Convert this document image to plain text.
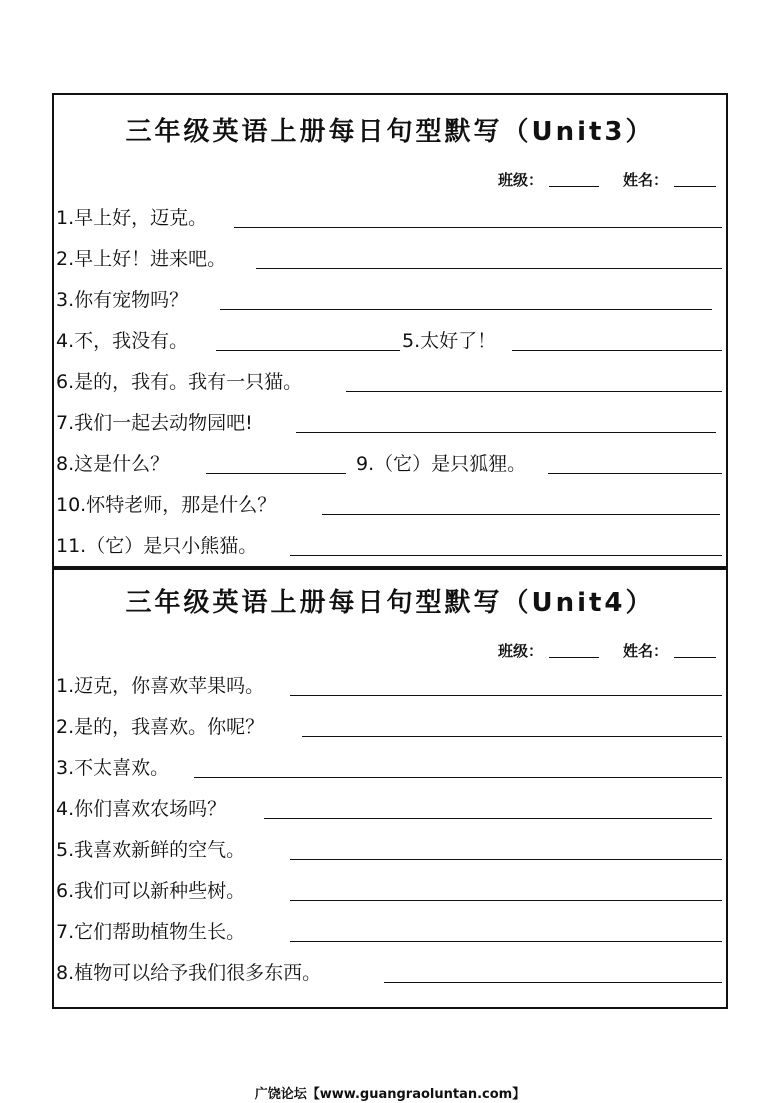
三年级英语上册每日句型默写（Unit3）
班级：	姓名：
1.早上好，迈克。
2.早上好！进来吧。
3.你有宠物吗？
4.不，我没有。	5.太好了！
6.是的，我有。我有一只猫。
7.我们一起去动物园吧!
8.这是什么？	9.（它）是只狐狸。
10.怀特老师，那是什么？
11.（它）是只小熊猫。
三年级英语上册每日句型默写（Unit4）
班级：	姓名：
1.迈克，你喜欢苹果吗。
2.是的，我喜欢。你呢？
3.不太喜欢。
4.你们喜欢农场吗？
5.我喜欢新鲜的空气。
6.我们可以新种些树。
7.它们帮助植物生长。
8.植物可以给予我们很多东西。
广饶论坛【www.guangraoluntan.com】
